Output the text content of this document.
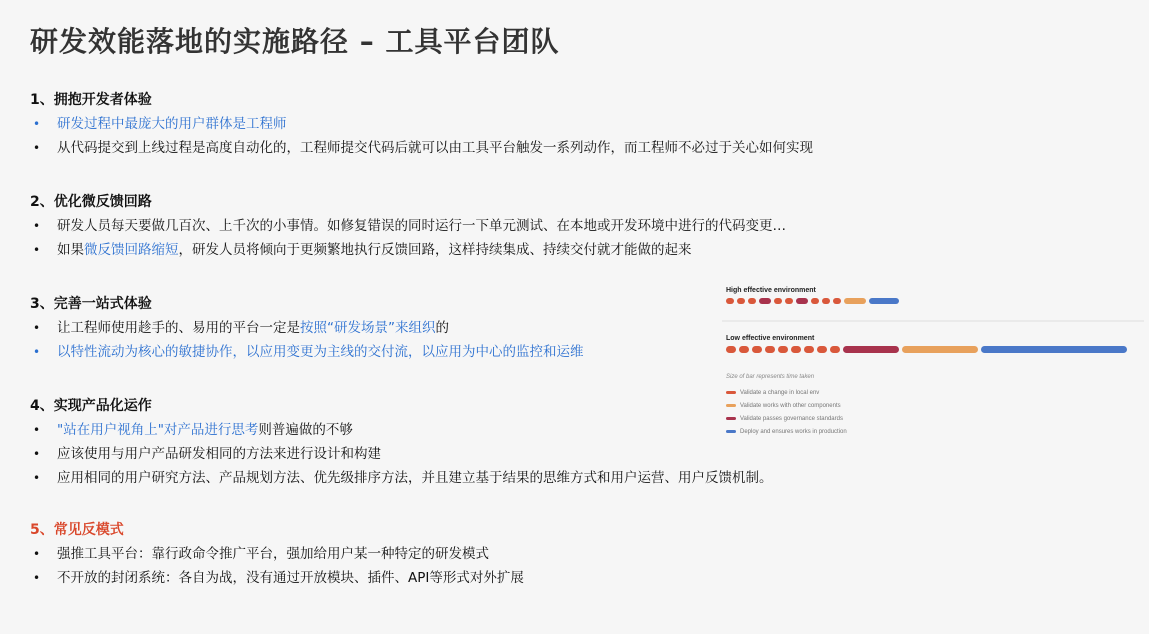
研发效能落地的实施路径 – 工具平台团队
1、拥抱开发者体验
• 研发过程中最庞大的用户群体是工程师
• 从代码提交到上线过程是高度自动化的，工程师提交代码后就可以由工具平台触发一系列动作，而工程师不必过于关心如何实现
2、优化微反馈回路
• 研发人员每天要做几百次、上千次的小事情。如修复错误的同时运行一下单元测试、在本地或开发环境中进行的代码变更…
• 如果微反馈回路缩短，研发人员将倾向于更频繁地执行反馈回路，这样持续集成、持续交付就才能做的起来
3、完善一站式体验
• 让工程师使用趁手的、易用的平台一定是按照“研发场景”来组织的
• 以特性流动为核心的敏捷协作，以应用变更为主线的交付流，以应用为中心的监控和运维
4、实现产品化运作
• "站在用户视角上"对产品进行思考则普遍做的不够
• 应该使用与用户产品研发相同的方法来进行设计和构建
• 应用相同的用户研究方法、产品规划方法、优先级排序方法，并且建立基于结果的思维方式和用户运营、用户反馈机制。
5、常见反模式
• 强推工具平台：靠行政命令推广平台，强加给用户某一种特定的研发模式
• 不开放的封闭系统：各自为战，没有通过开放模块、插件、API等形式对外扩展
High effective environment
Low effective environment
Size of bar represents time taken
Validate a change in local env
Validate works with other components
Validate passes governance standards
Deploy and ensures works in production
